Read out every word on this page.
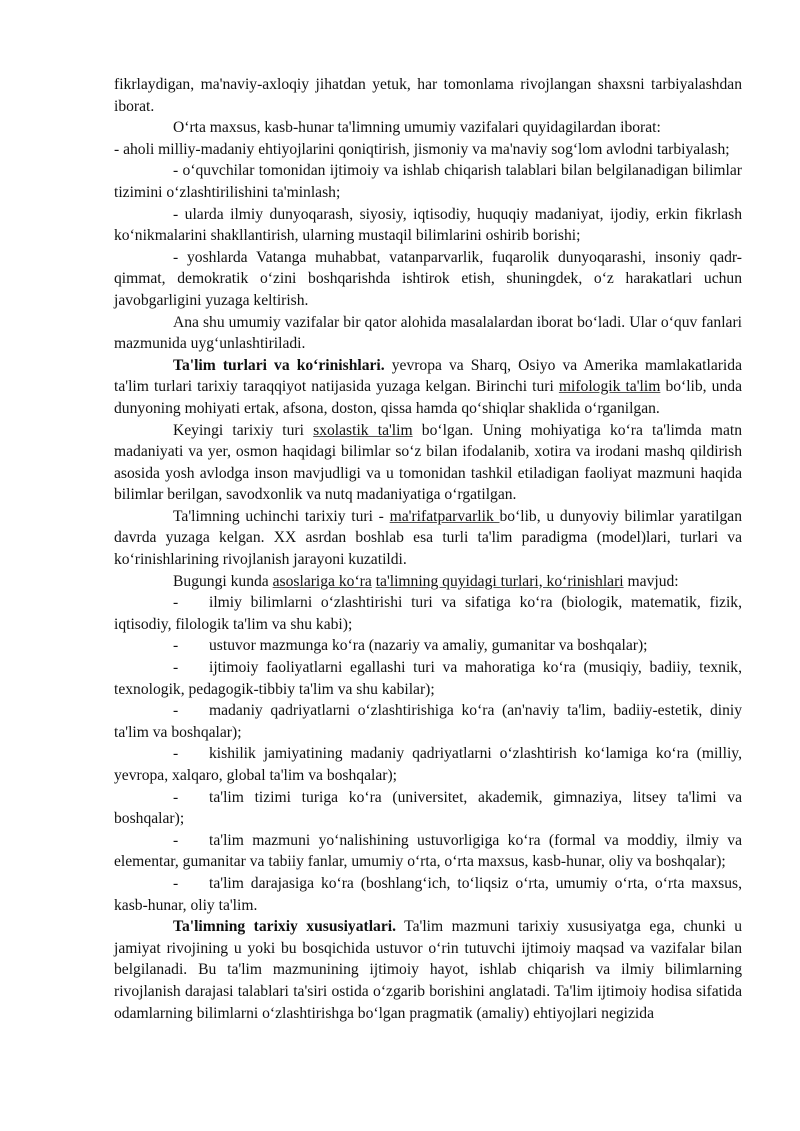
fikrlaydigan, ma'naviy-axloqiy jihatdan yetuk, har tomonlama rivojlangan shaxsni tarbiyalashdan iborat.

O‘rta maxsus, kasb-hunar ta'limning umumiy vazifalari quyidagilardan iborat:

- aholi milliy-madaniy ehtiyojlarini qoniqtirish, jismoniy va ma'naviy sog‘lom avlodni tarbiyalash;

- o‘quvchilar tomonidan ijtimoiy va ishlab chiqarish talablari bilan belgilanadigan bilimlar tizimini o‘zlashtirilishini ta'minlash;

- ularda ilmiy dunyoqarash, siyosiy, iqtisodiy, huquqiy madaniyat, ijodiy, erkin fikrlash ko‘nikmalarini shakllantirish, ularning mustaqil bilimlarini oshirib borishi;

- yoshlarda Vatanga muhabbat, vatanparvarlik, fuqarolik dunyoqarashi, insoniy qadr-qimmat, demokratik o‘zini boshqarishda ishtirok etish, shuningdek, o‘z harakatlari uchun javobgarligini yuzaga keltirish.

Ana shu umumiy vazifalar bir qator alohida masalalardan iborat bo‘ladi. Ular o‘quv fanlari mazmunida uyg‘unlashtiriladi.

Ta'lim turlari va ko‘rinishlari. yevropa va Sharq, Osiyo va Amerika mamlakatlarida ta'lim turlari tarixiy taraqqiyot natijasida yuzaga kelgan. Birinchi turi mifologik ta'lim bo‘lib, unda dunyoning mohiyati ertak, afsona, doston, qissa hamda qo‘shiqlar shaklida o‘rganilgan.

Keyingi tarixiy turi sxolastik ta'lim bo‘lgan. Uning mohiyatiga ko‘ra ta'limda matn madaniyati va yer, osmon haqidagi bilimlar so‘z bilan ifodalanib, xotira va irodani mashq qildirish asosida yosh avlodga inson mavjudligi va u tomonidan tashkil etiladigan faoliyat mazmuni haqida bilimlar berilgan, savodxonlik va nutq madaniyatiga o‘rgatilgan.

Ta'limning uchinchi tarixiy turi - ma'rifatparvarlik bo‘lib, u dunyoviy bilimlar yaratilgan davrda yuzaga kelgan. XX asrdan boshlab esa turli ta'lim paradigma (model)lari, turlari va ko‘rinishlarining rivojlanish jarayoni kuzatildi.

Bugungi kunda asoslariga ko‘ra ta'limning quyidagi turlari, ko‘rinishlari mavjud:

- ilmiy bilimlarni o‘zlashtirishi turi va sifatiga ko‘ra (biologik, matematik, fizik, iqtisodiy, filologik ta'lim va shu kabi);

- ustuvor mazmunga ko‘ra (nazariy va amaliy, gumanitar va boshqalar);

- ijtimoiy faoliyatlarni egallashi turi va mahoratiga ko‘ra (musiqiy, badiiy, texnik, texnologik, pedagogik-tibbiy ta'lim va shu kabilar);

- madaniy qadriyatlarni o‘zlashtirishiga ko‘ra (an'naviy ta'lim, badiiy-estetik, diniy ta'lim va boshqalar);

- kishilik jamiyatining madaniy qadriyatlarni o‘zlashtirish ko‘lamiga ko‘ra (milliy, yevropa, xalqaro, global ta'lim va boshqalar);

- ta'lim tizimi turiga ko‘ra (universitet, akademik, gimnaziya, litsey ta'limi va boshqalar);

- ta'lim mazmuni yo‘nalishining ustuvorligiga ko‘ra (formal va moddiy, ilmiy va elementar, gumanitar va tabiiy fanlar, umumiy o‘rta, o‘rta maxsus, kasb-hunar, oliy va boshqalar);

- ta'lim darajasiga ko‘ra (boshlang‘ich, to‘liqsiz o‘rta, umumiy o‘rta, o‘rta maxsus, kasb-hunar, oliy ta'lim.

Ta'limning tarixiy xususiyatlari. Ta'lim mazmuni tarixiy xususiyatga ega, chunki u jamiyat rivojining u yoki bu bosqichida ustuvor o‘rin tutuvchi ijtimoiy maqsad va vazifalar bilan belgilanadi. Bu ta'lim mazmunining ijtimoiy hayot, ishlab chiqarish va ilmiy bilimlarning rivojlanish darajasi talablari ta'siri ostida o‘zgarib borishini anglatadi. Ta'lim ijtimoiy hodisa sifatida odamlarning bilimlarni o‘zlashtirishga bo‘lgan pragmatik (amaliy) ehtiyojlari negizida
